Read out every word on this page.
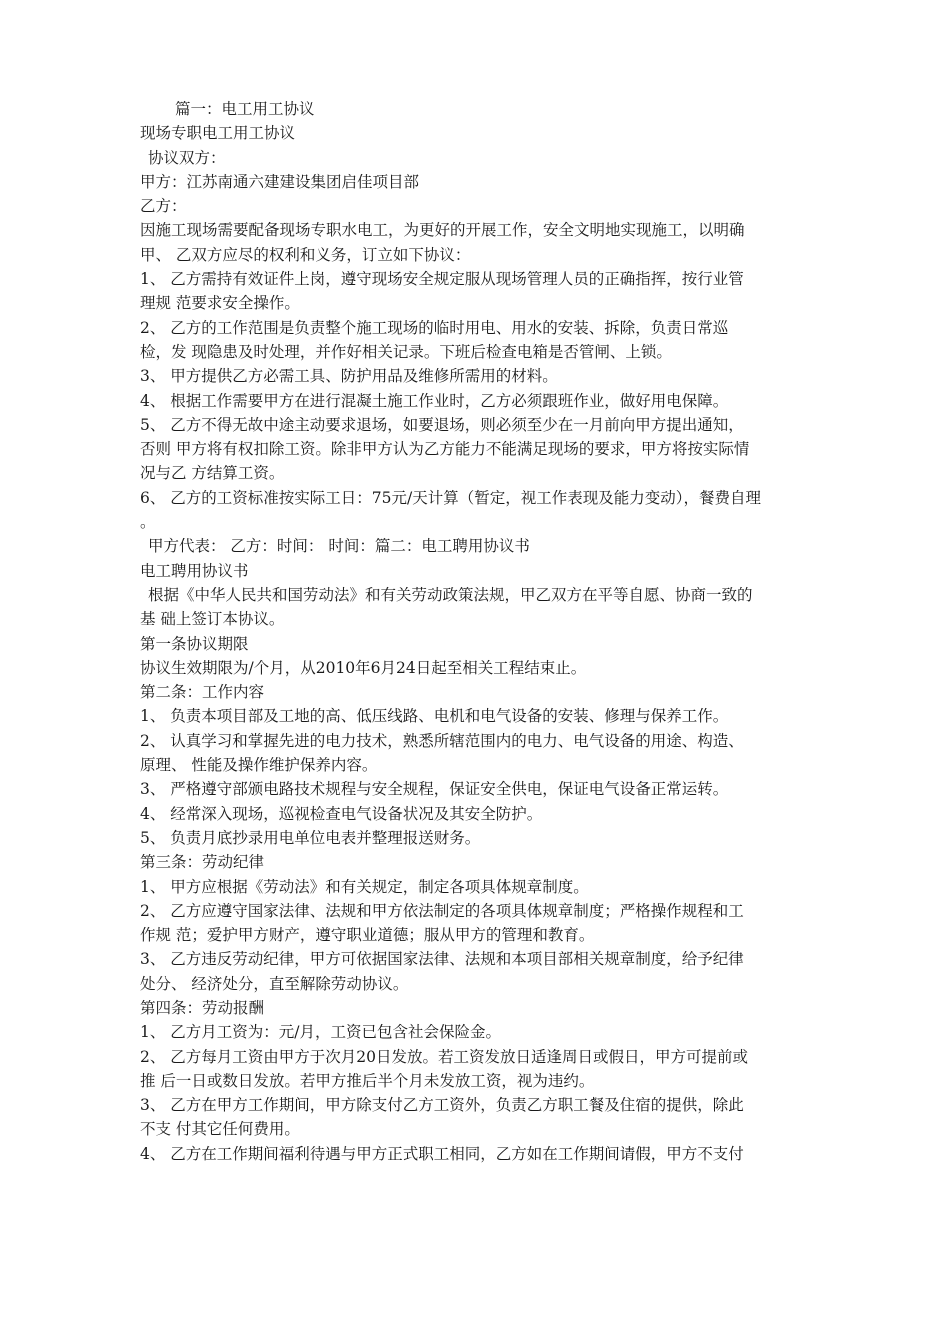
篇一：电工用工协议
现场专职电工用工协议
协议双方：
甲方：江苏南通六建建设集团启佳项目部
乙方：
因施工现场需要配备现场专职水电工，为更好的开展工作，安全文明地实现施工，以明确
甲、 乙双方应尽的权利和义务，订立如下协议：
1、 乙方需持有效证件上岗，遵守现场安全规定服从现场管理人员的正确指挥，按行业管
理规 范要求安全操作。
2、 乙方的工作范围是负责整个施工现场的临时用电、用水的安装、拆除，负责日常巡
检，发 现隐患及时处理，并作好相关记录。下班后检查电箱是否管闸、上锁。
3、 甲方提供乙方必需工具、防护用品及维修所需用的材料。
4、 根据工作需要甲方在进行混凝土施工作业时，乙方必须跟班作业，做好用电保障。
5、 乙方不得无故中途主动要求退场，如要退场，则必须至少在一月前向甲方提出通知，
否则 甲方将有权扣除工资。除非甲方认为乙方能力不能满足现场的要求，甲方将按实际情
况与乙 方结算工资。
6、 乙方的工资标准按实际工日：75元/天计算（暂定，视工作表现及能力变动），餐费自理
。
甲方代表： 乙方：时间： 时间：篇二：电工聘用协议书
电工聘用协议书
根据《中华人民共和国劳动法》和有关劳动政策法规，甲乙双方在平等自愿、协商一致的
基 础上签订本协议。
第一条协议期限
协议生效期限为/个月，从2010年6月24日起至相关工程结束止。
第二条：工作内容
1、 负责本项目部及工地的高、低压线路、电机和电气设备的安装、修理与保养工作。
2、 认真学习和掌握先进的电力技术，熟悉所辖范围内的电力、电气设备的用途、构造、
原理、 性能及操作维护保养内容。
3、 严格遵守部颁电路技术规程与安全规程，保证安全供电，保证电气设备正常运转。
4、 经常深入现场，巡视检查电气设备状况及其安全防护。
5、 负责月底抄录用电单位电表并整理报送财务。
第三条：劳动纪律
1、 甲方应根据《劳动法》和有关规定，制定各项具体规章制度。
2、 乙方应遵守国家法律、法规和甲方依法制定的各项具体规章制度；严格操作规程和工
作规 范；爱护甲方财产，遵守职业道德；服从甲方的管理和教育。
3、 乙方违反劳动纪律，甲方可依据国家法律、法规和本项目部相关规章制度，给予纪律
处分、 经济处分，直至解除劳动协议。
第四条：劳动报酬
1、 乙方月工资为：元/月，工资已包含社会保险金。
2、 乙方每月工资由甲方于次月20日发放。若工资发放日适逢周日或假日，甲方可提前或
推 后一日或数日发放。若甲方推后半个月未发放工资，视为违约。
3、 乙方在甲方工作期间，甲方除支付乙方工资外，负责乙方职工餐及住宿的提供，除此
不支 付其它任何费用。
4、 乙方在工作期间福利待遇与甲方正式职工相同，乙方如在工作期间请假，甲方不支付
